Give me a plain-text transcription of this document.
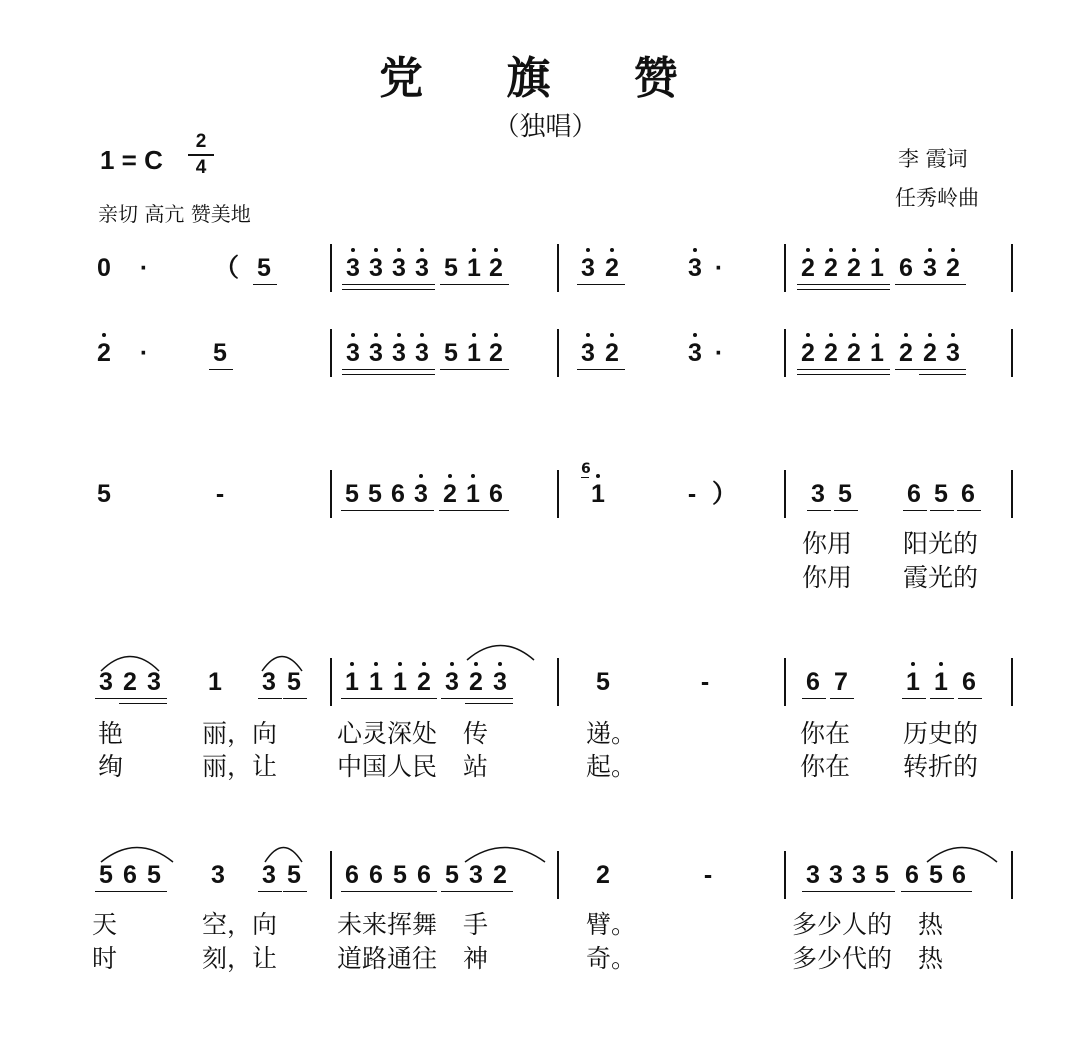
党 旗 赞
（独唱）
1 = C
2
4
亲切 高亢 赞美地
李 霞词
任秀岭曲
0	·	（ 5	3 3 3 3 5 1 2	3 2	3 ·	2 2 2 1 6 3 2
2	·	5	3 3 3 3 5 1 2	3 2	3 ·	2 2 2 1 2 2 3
5	-	5 5 6 3 2 1 6	1
6
- ）	3 5 6 5 6
你用 阳光的
你用 霞光的
3 2 3 1 3 5 1 1 1 2 3 2 3	5	-	6 7 1 1 6
艳	丽，向 心灵深处 传	递。	你在 历史的
绚	丽，让 中国人民 站	起。	你在 转折的
5 6 5 3 3 5 6 6 5 6 5 3 2	2	-	3 3 3 5 6 5 6
天	空，向 未来挥舞 手	臂。	多少人的 热
时	刻，让 道路通往 神	奇。	多少代的 热
